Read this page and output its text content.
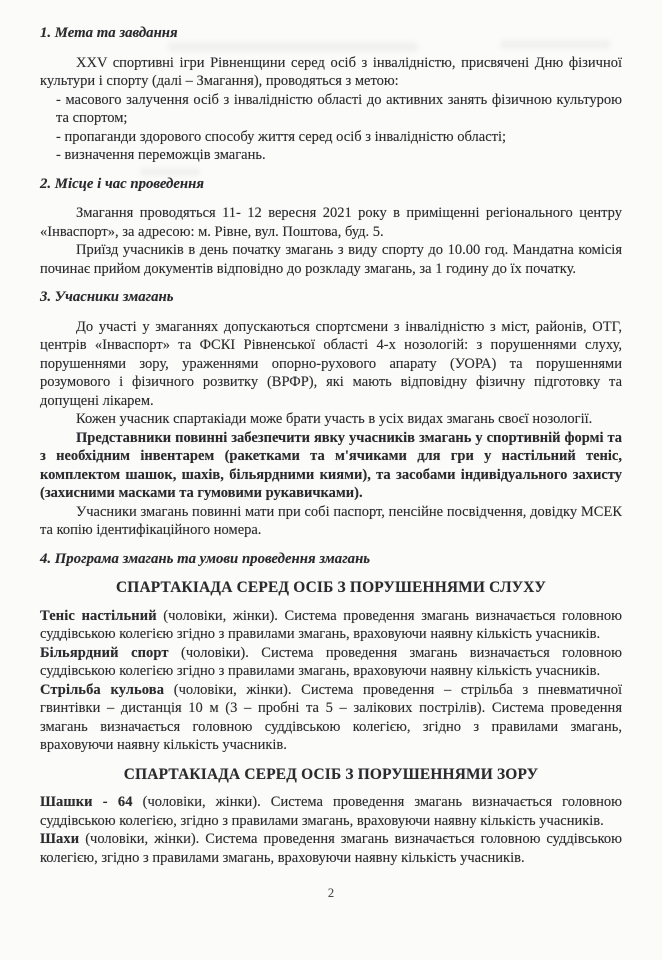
1. Мета та завдання

XXV спортивні ігри Рівненщини серед осіб з інвалідністю, присвячені Дню фізичної культури і спорту (далі – Змагання), проводяться з метою:

- масового залучення осіб з інвалідністю області до активних занять фізичною культурою та спортом;

- пропаганди здорового способу життя серед осіб з інвалідністю області;

- визначення переможців змагань.

2. Місце і час проведення

Змагання проводяться 11- 12 вересня 2021 року в приміщенні регіонального центру «Інваспорт», за адресою: м. Рівне, вул. Поштова, буд. 5.

Приїзд учасників в день початку змагань з виду спорту до 10.00 год. Мандатна комісія починає прийом документів відповідно до розкладу змагань, за 1 годину до їх початку.

3. Учасники змагань

До участі у змаганнях допускаються спортсмени з інвалідністю з міст, районів, ОТГ, центрів «Інваспорт» та ФСКІ Рівненської області 4-х нозологій: з порушеннями слуху, порушеннями зору, ураженнями опорно-рухового апарату (УОРА) та порушеннями розумового і фізичного розвитку (ВРФР), які мають відповідну фізичну підготовку та допущені лікарем.

Кожен учасник спартакіади може брати участь в усіх видах змагань своєї нозології.

Представники повинні забезпечити явку учасників змагань у спортивній формі та з необхідним інвентарем (ракетками та м'ячиками для гри у настільний теніс, комплектом шашок, шахів, більярдними киями), та засобами індивідуального захисту (захисними масками та гумовими рукавичками).

Учасники змагань повинні мати при собі паспорт, пенсійне посвідчення, довідку МСЕК та копію ідентифікаційного номера.

4. Програма змагань та умови проведення змагань
СПАРТАКІАДА СЕРЕД ОСІБ З ПОРУШЕННЯМИ СЛУХУ

Теніс настільний (чоловіки, жінки). Система проведення змагань визначається головною суддівською колегією згідно з правилами змагань, враховуючи наявну кількість учасників.

Більярдний спорт (чоловіки). Система проведення змагань визначається головною суддівською колегією згідно з правилами змагань, враховуючи наявну кількість учасників.

Стрільба кульова (чоловіки, жінки). Система проведення – стрільба з пневматичної гвинтівки – дистанція 10 м (3 – пробні та 5 – залікових пострілів). Система проведення змагань визначається головною суддівською колегією, згідно з правилами змагань, враховуючи наявну кількість учасників.

СПАРТАКІАДА СЕРЕД ОСІБ З ПОРУШЕННЯМИ ЗОРУ

Шашки - 64 (чоловіки, жінки). Система проведення змагань визначається головною суддівською колегією, згідно з правилами змагань, враховуючи наявну кількість учасників.

Шахи (чоловіки, жінки). Система проведення змагань визначається головною суддівською колегією, згідно з правилами змагань, враховуючи наявну кількість учасників.

2
